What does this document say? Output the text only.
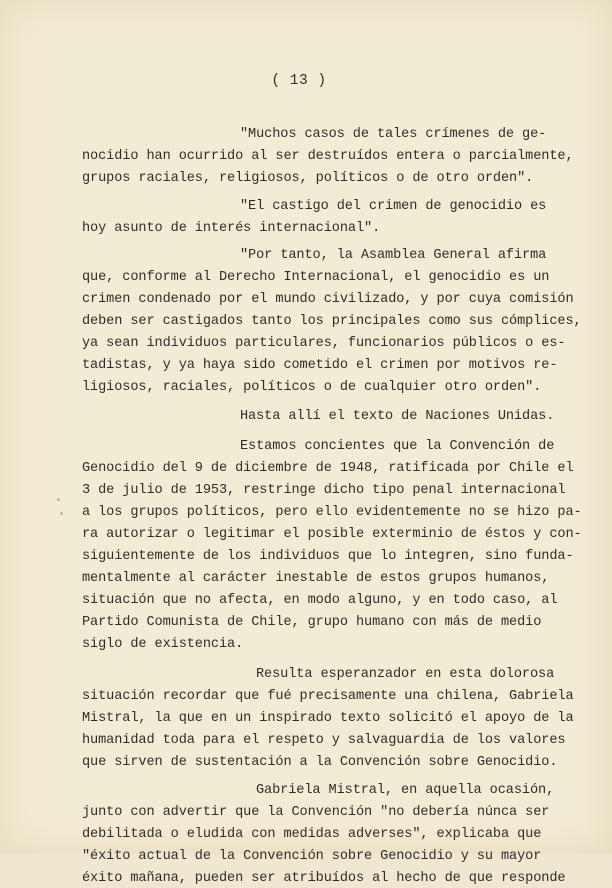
( 13 )
"Muchos casos de tales crímenes de ge-
nocidio han ocurrido al ser destruídos entera o parcialmente,
grupos raciales, religiosos, políticos o de otro orden".
"El castigo del crimen de genocidio es
hoy asunto de interés internacional".
"Por tanto, la Asamblea General afirma
que, conforme al Derecho Internacional, el genocidio es un
crimen condenado por el mundo civilizado, y por cuya comisión
deben ser castigados tanto los principales como sus cómplices,
ya sean individuos particulares, funcionarios públicos o es-
tadistas, y ya haya sido cometido el crimen por motivos re-
ligiosos, raciales, políticos o de cualquier otro orden".
Hasta allí el texto de Naciones Unidas.
Estamos concientes que la Convención de
Genocidio del 9 de diciembre de 1948, ratificada por Chile el
3 de julio de 1953, restringe dicho tipo penal internacional
a los grupos políticos, pero ello evidentemente no se hizo pa-
ra autorizar o legitimar el posible exterminio de éstos y con-
siguientemente de los individuos que lo integren, sino funda-
mentalmente al carácter inestable de estos grupos humanos,
situación que no afecta, en modo alguno, y en todo caso, al
Partido Comunista de Chile, grupo humano con más de medio
siglo de existencia.
Resulta esperanzador en esta dolorosa
situación recordar que fué precisamente una chilena, Gabriela
Mistral, la que en un inspirado texto solicitó el apoyo de la
humanidad toda para el respeto y salvaguardia de los valores
que sirven de sustentación a la Convención sobre Genocidio.
Gabriela Mistral, en aquella ocasión,
junto con advertir que la Convención "no debería núnca ser
debilitada o eludida con medidas adverses", explicaba que
"éxito actual de la Convención sobre Genocidio y su mayor
éxito mañana, pueden ser atribuídos al hecho de que responde
